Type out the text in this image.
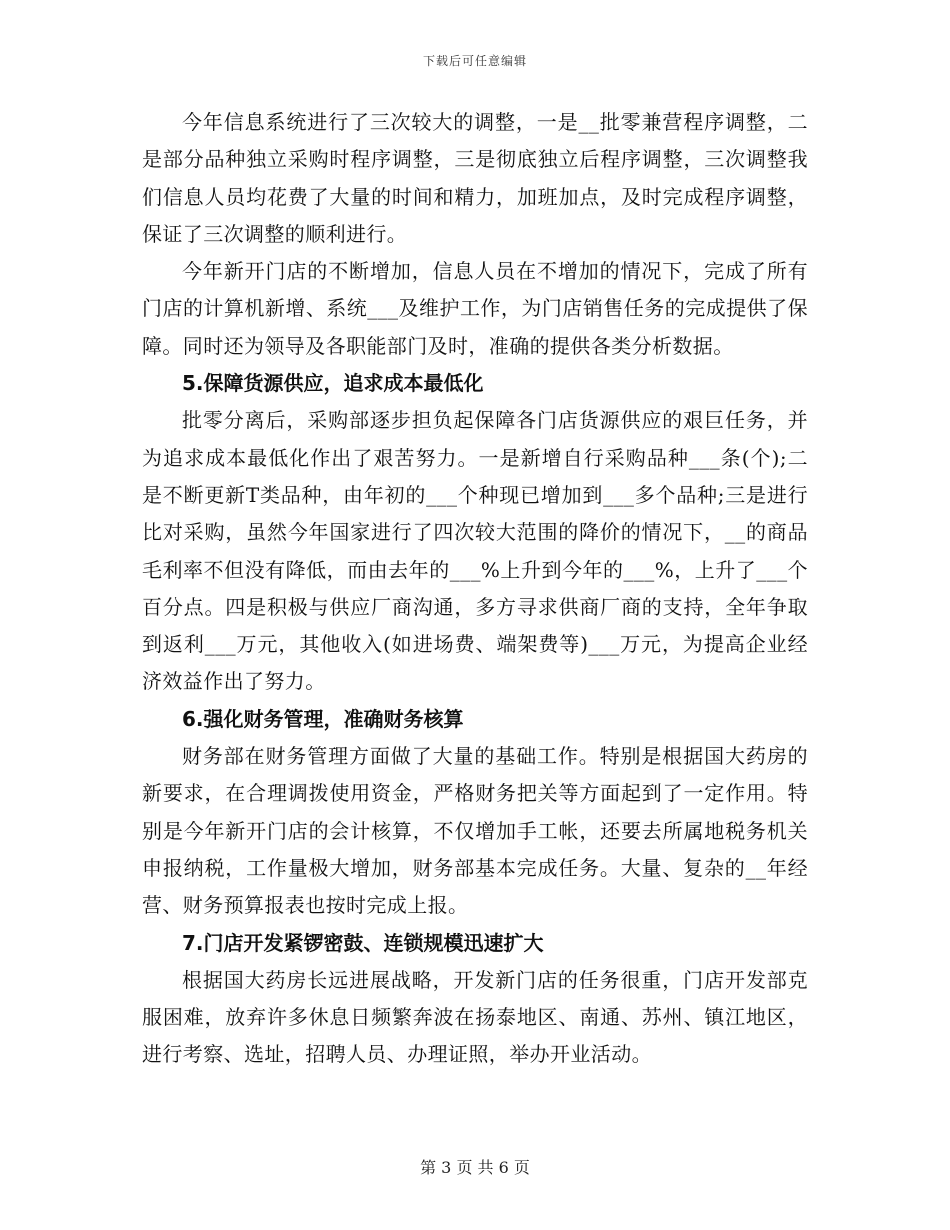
下载后可任意编辑

今年信息系统进行了三次较大的调整，一是__批零兼营程序调整，二是部分品种独立采购时程序调整，三是彻底独立后程序调整，三次调整我们信息人员均花费了大量的时间和精力，加班加点，及时完成程序调整，保证了三次调整的顺利进行。

今年新开门店的不断增加，信息人员在不增加的情况下，完成了所有门店的计算机新增、系统___及维护工作，为门店销售任务的完成提供了保障。同时还为领导及各职能部门及时，准确的提供各类分析数据。

5.保障货源供应，追求成本最低化

批零分离后，采购部逐步担负起保障各门店货源供应的艰巨任务，并为追求成本最低化作出了艰苦努力。一是新增自行采购品种___条(个);二是不断更新T类品种，由年初的___个种现已增加到___多个品种;三是进行比对采购，虽然今年国家进行了四次较大范围的降价的情况下，__的商品毛利率不但没有降低，而由去年的___%上升到今年的___%，上升了___个百分点。四是积极与供应厂商沟通，多方寻求供商厂商的支持，全年争取到返利___万元，其他收入(如进场费、端架费等)___万元，为提高企业经济效益作出了努力。

6.强化财务管理，准确财务核算

财务部在财务管理方面做了大量的基础工作。特别是根据国大药房的新要求，在合理调拨使用资金，严格财务把关等方面起到了一定作用。特别是今年新开门店的会计核算，不仅增加手工帐，还要去所属地税务机关申报纳税，工作量极大增加，财务部基本完成任务。大量、复杂的__年经营、财务预算报表也按时完成上报。

7.门店开发紧锣密鼓、连锁规模迅速扩大

根据国大药房长远进展战略，开发新门店的任务很重，门店开发部克服困难，放弃许多休息日频繁奔波在扬泰地区、南通、苏州、镇江地区，进行考察、选址，招聘人员、办理证照，举办开业活动。

第 3 页 共 6 页
